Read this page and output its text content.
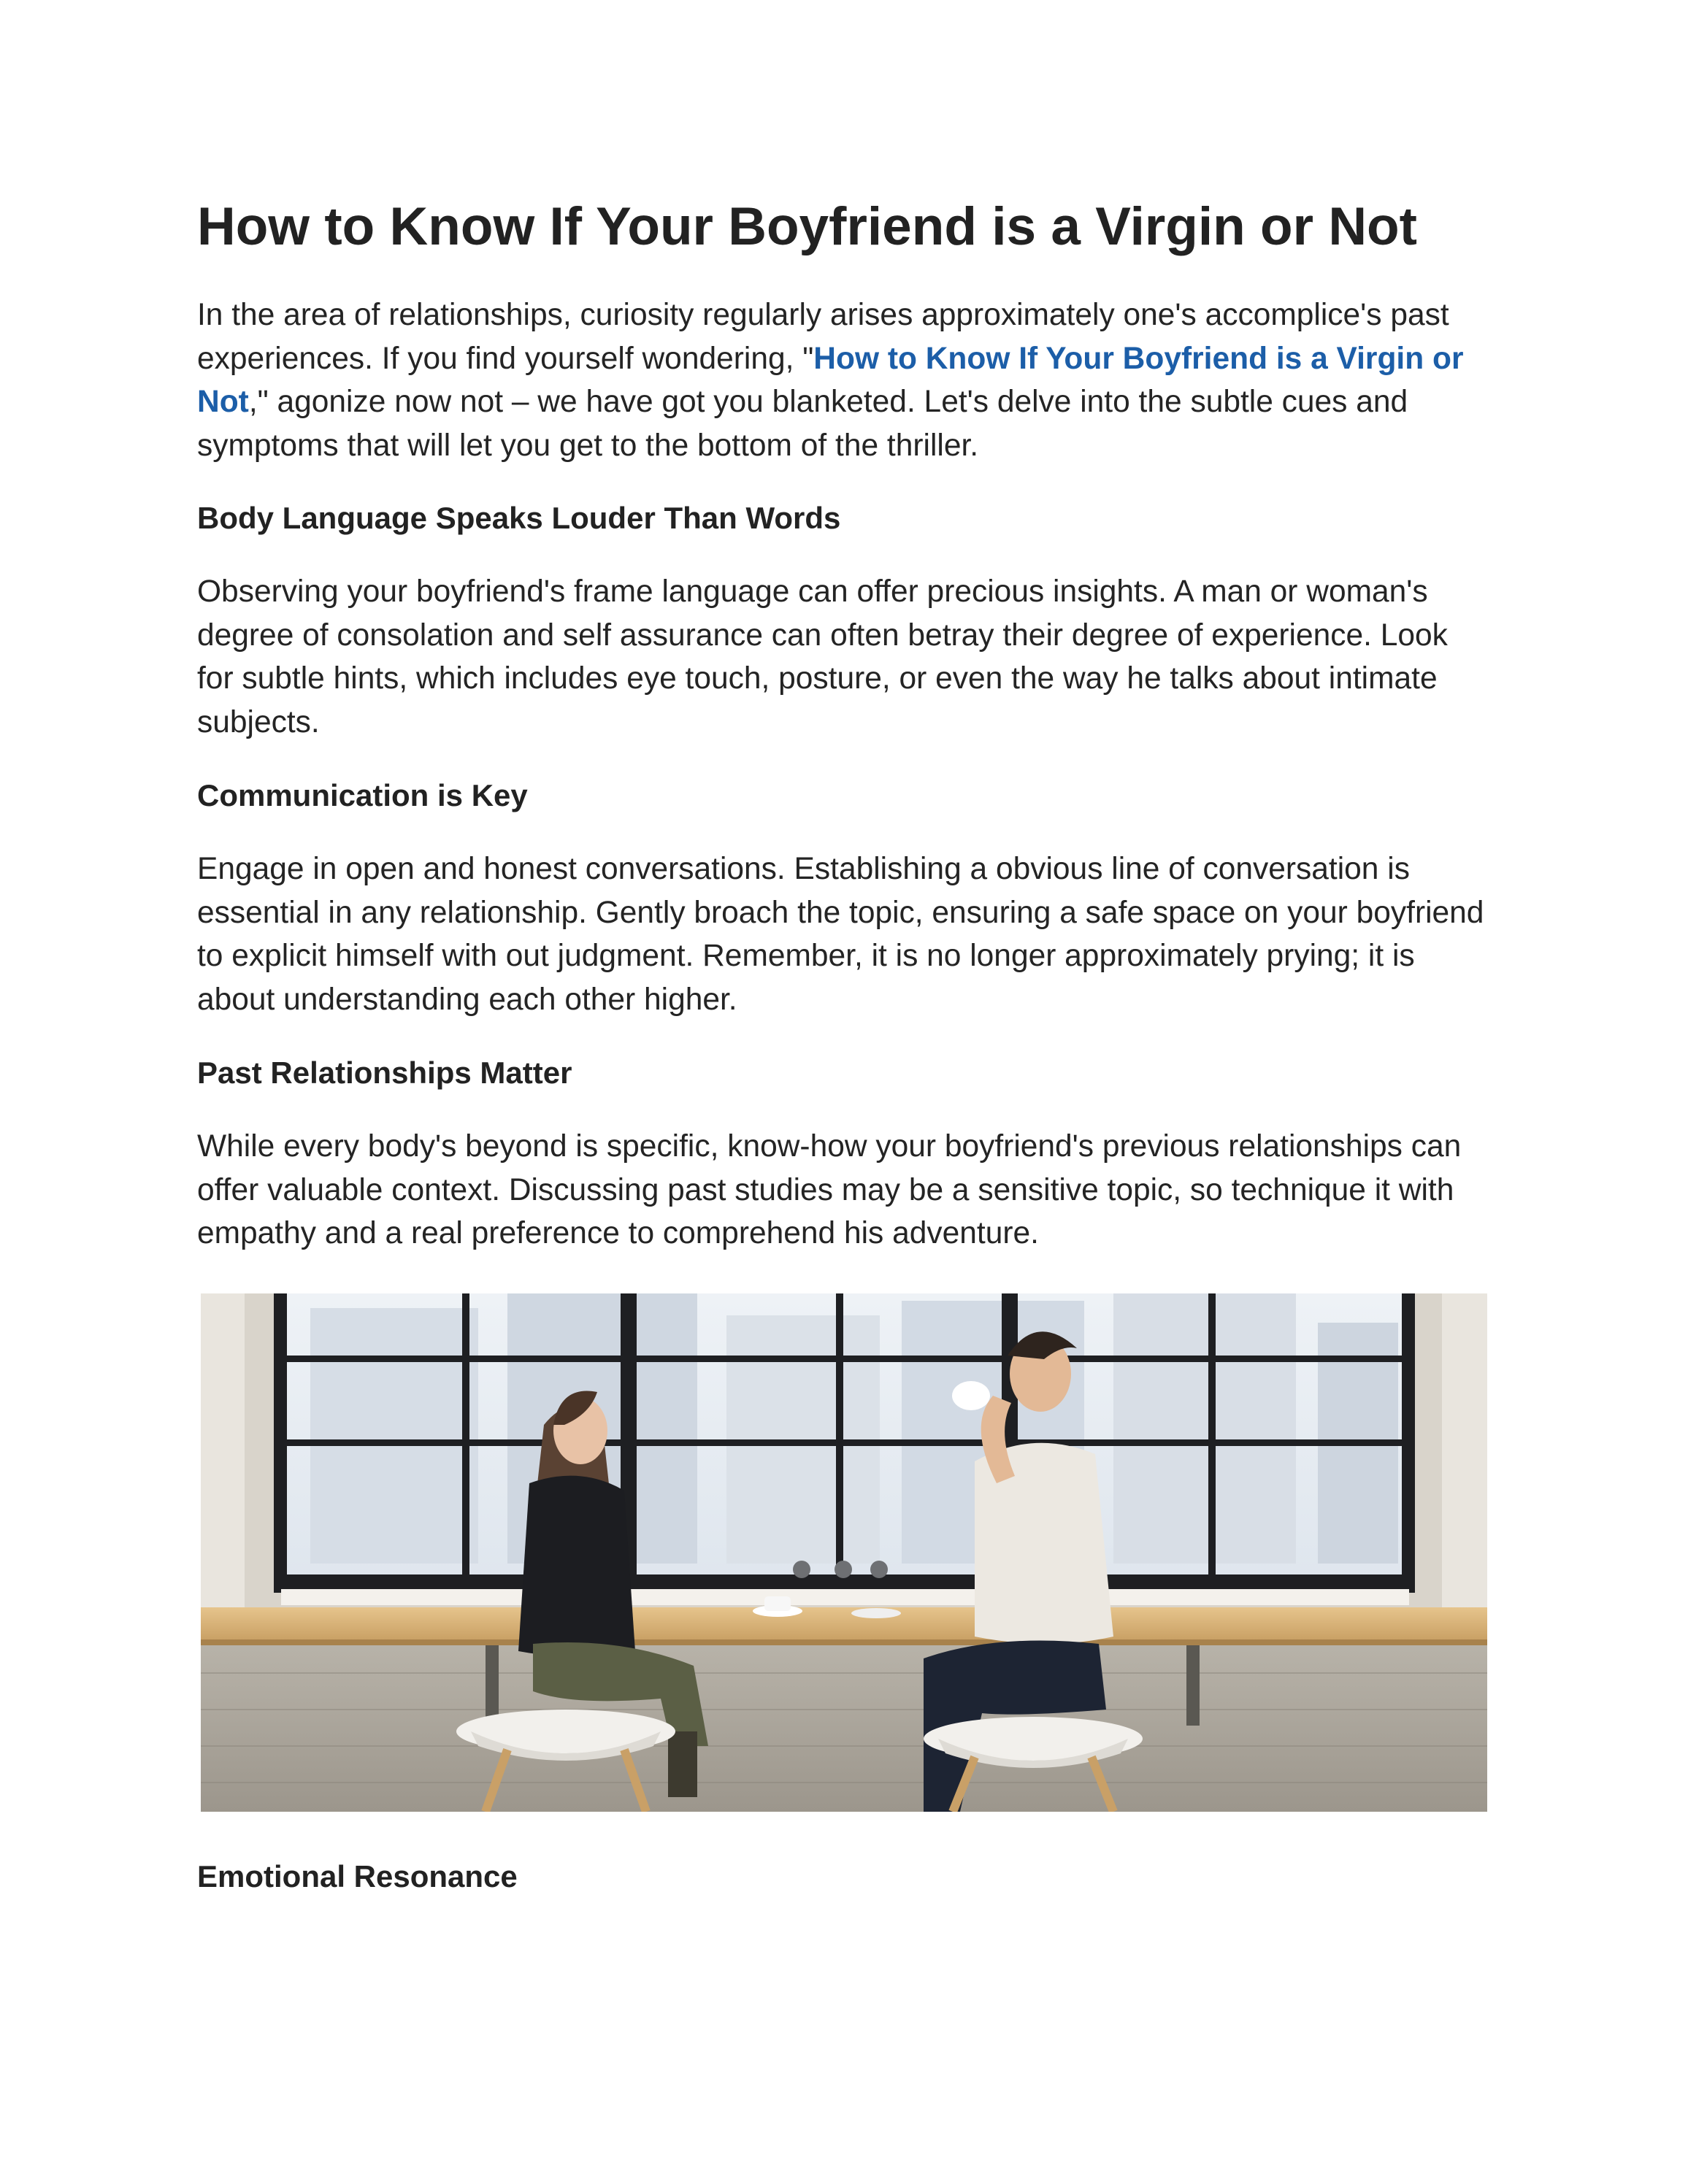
How to Know If Your Boyfriend is a Virgin or Not

In the area of relationships, curiosity regularly arises approximately one's accomplice's past experiences. If you find yourself wondering, "How to Know If Your Boyfriend is a Virgin or Not," agonize now not – we have got you blanketed. Let's delve into the subtle cues and symptoms that will let you get to the bottom of the thriller.

Body Language Speaks Louder Than Words

Observing your boyfriend's frame language can offer precious insights. A man or woman's degree of consolation and self assurance can often betray their degree of experience. Look for subtle hints, which includes eye touch, posture, or even the way he talks about intimate subjects.

Communication is Key

Engage in open and honest conversations. Establishing a obvious line of conversation is essential in any relationship. Gently broach the topic, ensuring a safe space on your boyfriend to explicit himself with out judgment. Remember, it is no longer approximately prying; it is about understanding each other higher.

Past Relationships Matter

While every body's beyond is specific, know-how your boyfriend's previous relationships can offer valuable context. Discussing past studies may be a sensitive topic, so technique it with empathy and a real preference to comprehend his adventure.

Emotional Resonance
